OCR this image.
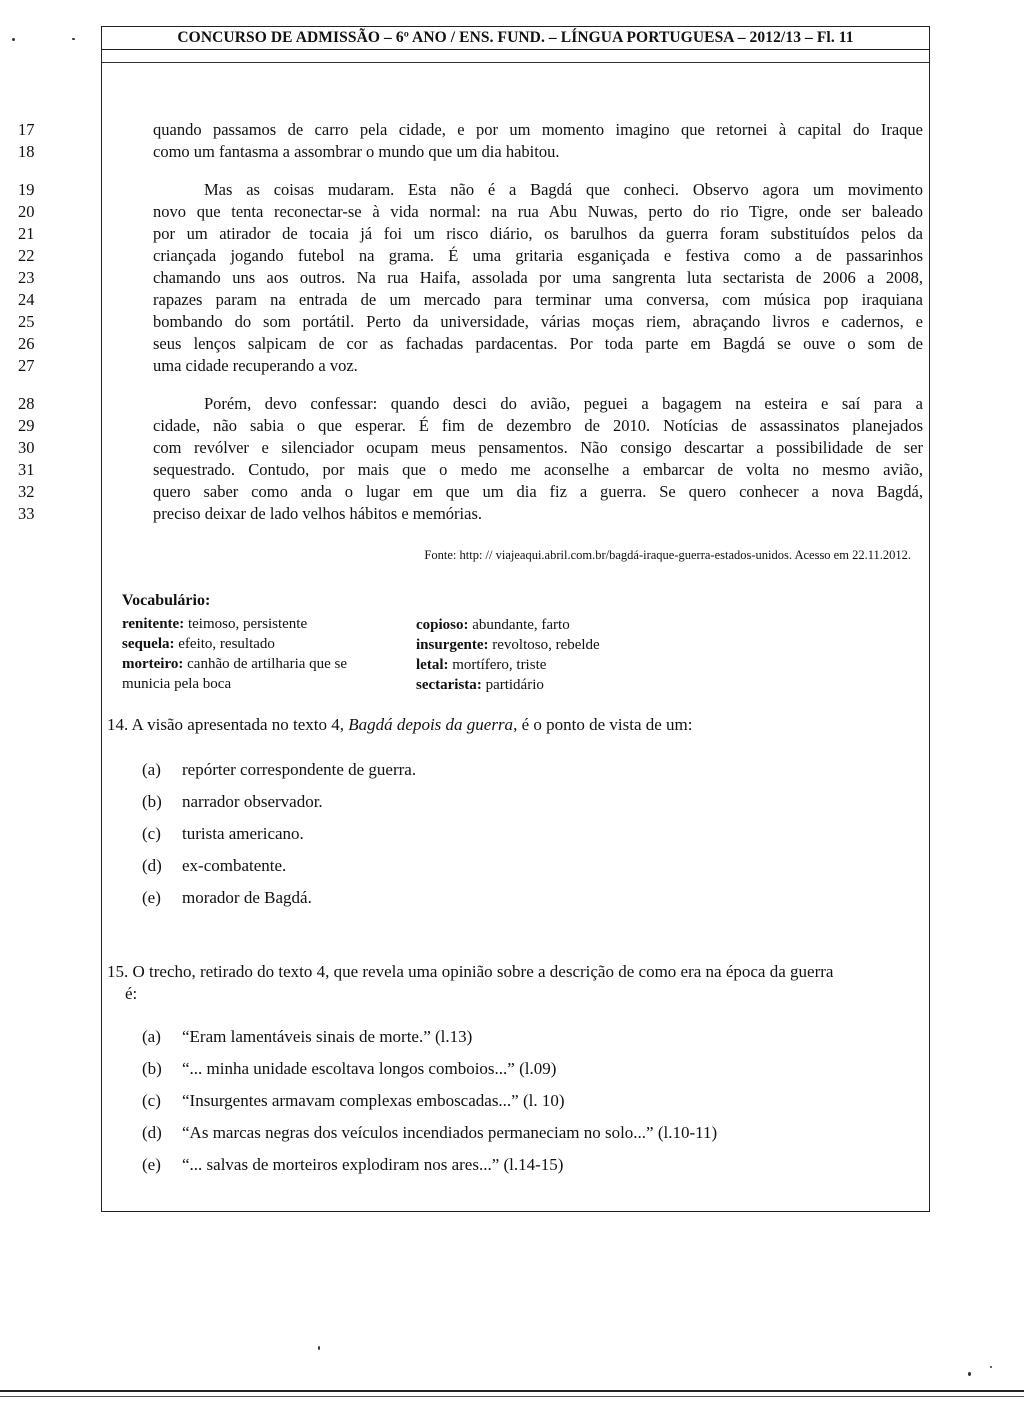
CONCURSO DE ADMISSÃO – 6º ANO / ENS. FUND. – LÍNGUA PORTUGUESA – 2012/13 – Fl. 11
17	quando passamos de carro pela cidade, e por um momento imagino que retornei à capital do Iraque
18	como um fantasma a assombrar o mundo que um dia habitou.
19	Mas as coisas mudaram. Esta não é a Bagdá que conheci. Observo agora um movimento
20	novo que tenta reconectar-se à vida normal: na rua Abu Nuwas, perto do rio Tigre, onde ser baleado
21	por um atirador de tocaia já foi um risco diário, os barulhos da guerra foram substituídos pelos da
22	criançada jogando futebol na grama. É uma gritaria esganiçada e festiva como a de passarinhos
23	chamando uns aos outros. Na rua Haifa, assolada por uma sangrenta luta sectarista de 2006 a 2008,
24	rapazes param na entrada de um mercado para terminar uma conversa, com música pop iraquiana
25	bombando do som portátil. Perto da universidade, várias moças riem, abraçando livros e cadernos, e
26	seus lenços salpicam de cor as fachadas pardacentas. Por toda parte em Bagdá se ouve o som de
27	uma cidade recuperando a voz.
28	Porém, devo confessar: quando desci do avião, peguei a bagagem na esteira e saí para a
29	cidade, não sabia o que esperar. É fim de dezembro de 2010. Notícias de assassinatos planejados
30	com revólver e silenciador ocupam meus pensamentos. Não consigo descartar a possibilidade de ser
31	sequestrado. Contudo, por mais que o medo me aconselhe a embarcar de volta no mesmo avião,
32	quero saber como anda o lugar em que um dia fiz a guerra. Se quero conhecer a nova Bagdá,
33	preciso deixar de lado velhos hábitos e memórias.
Fonte: http: // viajeaqui.abril.com.br/bagdá-iraque-guerra-estados-unidos. Acesso em 22.11.2012.
Vocabulário:
renitente: teimoso, persistente
sequela: efeito, resultado
morteiro: canhão de artilharia que se
municia pela boca
copioso: abundante, farto
insurgente: revoltoso, rebelde
letal: mortífero, triste
sectarista: partidário
14. A visão apresentada no texto 4, Bagdá depois da guerra, é o ponto de vista de um:
(a) repórter correspondente de guerra.
(b) narrador observador.
(c) turista americano.
(d) ex-combatente.
(e) morador de Bagdá.
15. O trecho, retirado do texto 4, que revela uma opinião sobre a descrição de como era na época da guerra
é:
(a) “Eram lamentáveis sinais de morte.” (l.13)
(b) “... minha unidade escoltava longos comboios...” (l.09)
(c) “Insurgentes armavam complexas emboscadas...” (l. 10)
(d) “As marcas negras dos veículos incendiados permaneciam no solo...” (l.10-11)
(e) “... salvas de morteiros explodiram nos ares...” (l.14-15)
